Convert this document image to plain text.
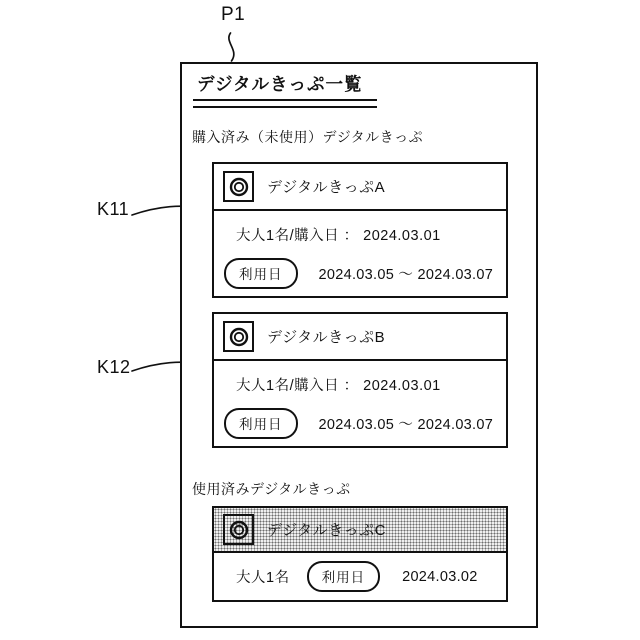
P1
K11
K12
デジタルきっぷ一覧
購入済み（未使用）デジタルきっぷ
デジタルきっぷA
大人1名/購入日 ： 2024.03.01
利用日	2024.03.05 ～ 2024.03.07
デジタルきっぷB
大人1名/購入日 ： 2024.03.01
利用日	2024.03.05 ～ 2024.03.07
使用済みデジタルきっぷ
デジタルきっぷC
大人1名	利用日	2024.03.02
